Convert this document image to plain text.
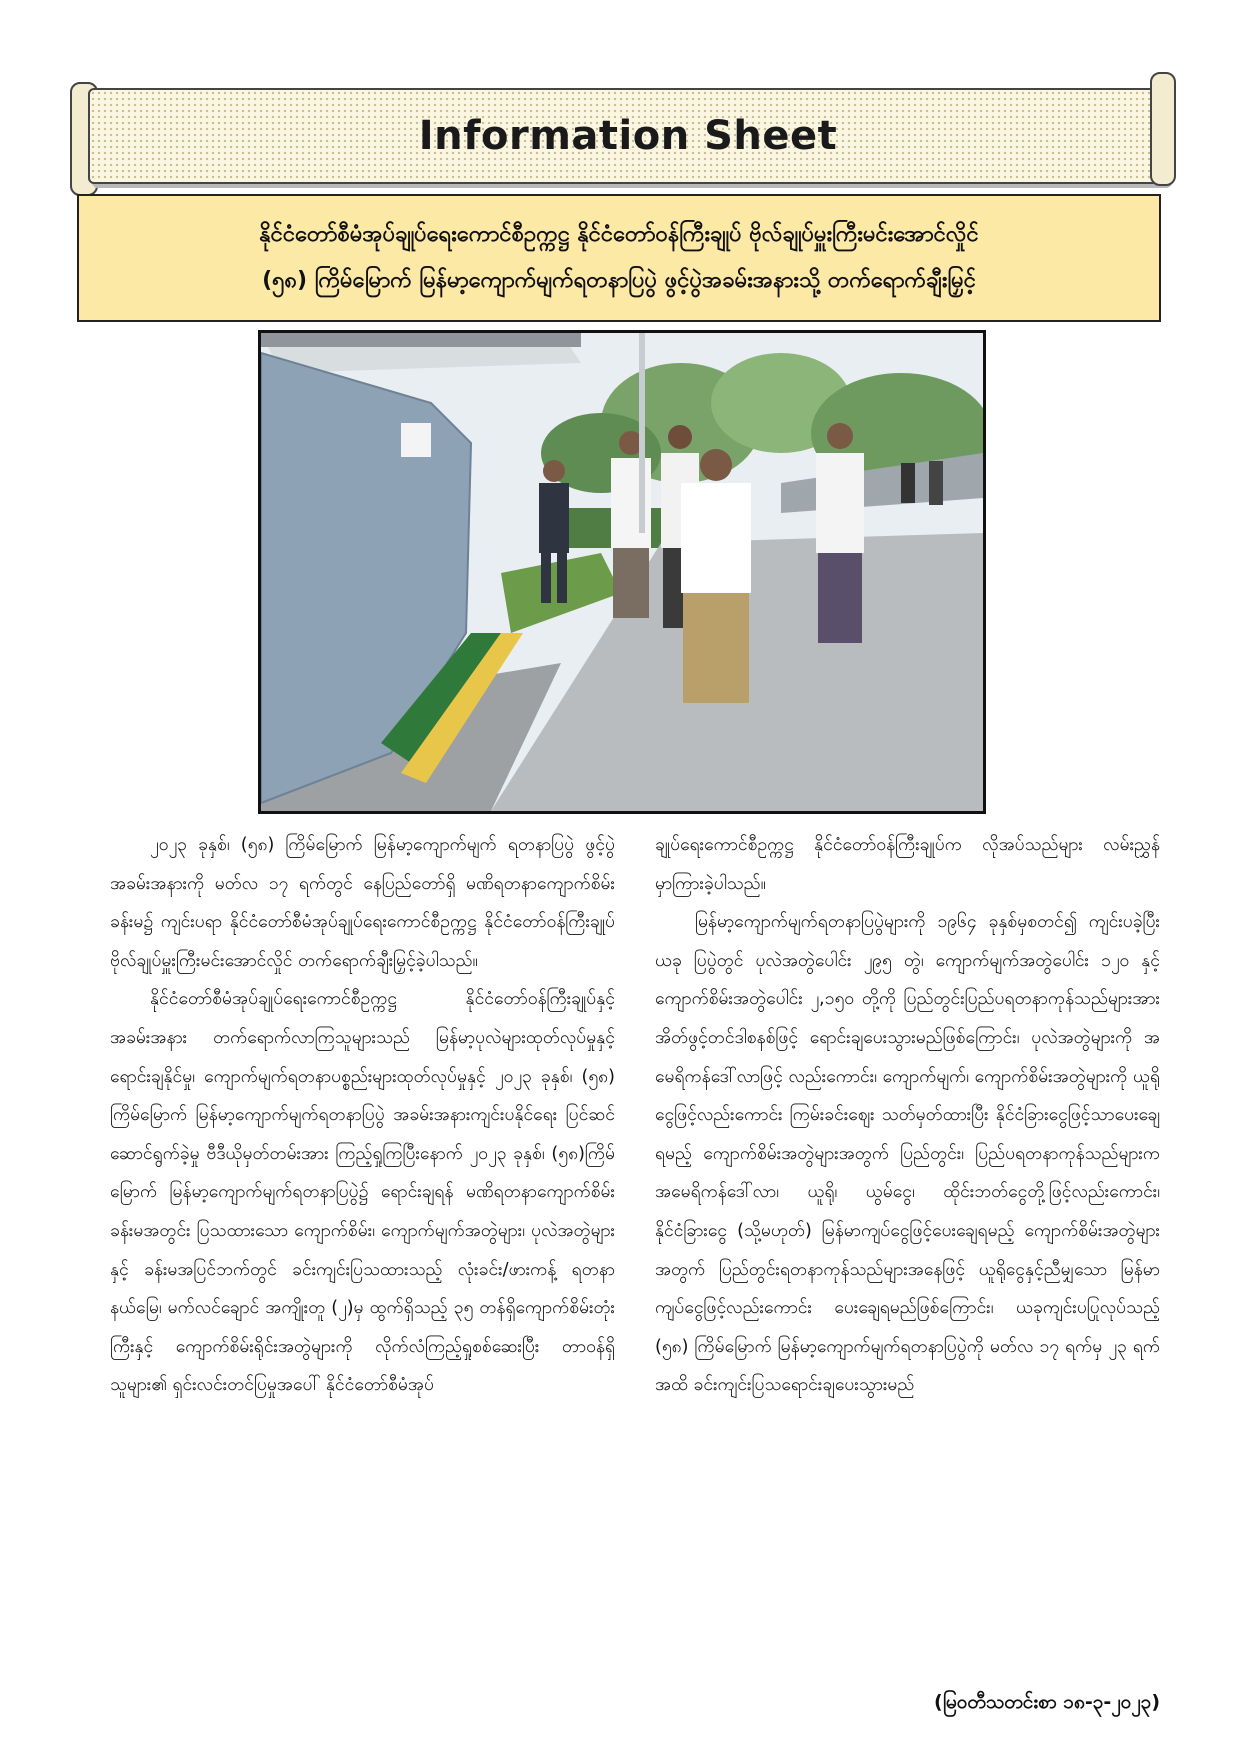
Information Sheet
နိုင်ငံတော်စီမံအုပ်ချုပ်ရေးကောင်စီဥက္ကဋ္ဌ နိုင်ငံတော်ဝန်ကြီးချုပ် ဗိုလ်ချုပ်မှူးကြီးမင်းအောင်လှိုင်
(၅၈) ကြိမ်မြောက် မြန်မာ့ကျောက်မျက်ရတနာပြပွဲ ဖွင့်ပွဲအခမ်းအနားသို့ တက်ရောက်ချီးမြှင့်

၂၀၂၃ ခုနှစ်၊ (၅၈) ကြိမ်မြောက် မြန်မာ့ကျောက်မျက် ရတနာပြပွဲ ဖွင့်ပွဲအခမ်းအနားကို မတ်လ ၁၇ ရက်တွင် နေပြည်တော်ရှိ မဏိရတနာကျောက်စိမ်းခန်းမ၌ ကျင်းပရာ နိုင်ငံတော်စီမံအုပ်ချုပ်ရေးကောင်စီဥက္ကဋ္ဌ နိုင်ငံတော်ဝန်ကြီးချုပ် ဗိုလ်ချုပ်မှူးကြီးမင်းအောင်လှိုင် တက်ရောက်ချီးမြှင့်ခဲ့ပါသည်။

နိုင်ငံတော်စီမံအုပ်ချုပ်ရေးကောင်စီဥက္ကဋ္ဌ နိုင်ငံတော်ဝန်ကြီးချုပ်နှင့် အခမ်းအနား တက်ရောက်လာကြသူများသည် မြန်မာ့ပုလဲများထုတ်လုပ်မှုနှင့် ရောင်းချနိုင်မှု၊ ကျောက်မျက်ရတနာပစ္စည်းများထုတ်လုပ်မှုနှင့် ၂၀၂၃ ခုနှစ်၊ (၅၈) ကြိမ်မြောက် မြန်မာ့ကျောက်မျက်ရတနာပြပွဲ အခမ်းအနားကျင်းပနိုင်ရေး ပြင်ဆင်ဆောင်ရွက်ခဲ့မှု ဗီဒီယိုမှတ်တမ်းအား ကြည့်ရှုကြပြီးနောက် ၂၀၂၃ ခုနှစ်၊ (၅၈)ကြိမ်မြောက် မြန်မာ့ကျောက်မျက်ရတနာပြပွဲ၌ ရောင်းချရန် မဏိရတနာကျောက်စိမ်းခန်းမအတွင်း ပြသထားသော ကျောက်စိမ်း၊ ကျောက်မျက်အတွဲများ၊ ပုလဲအတွဲများနှင့် ခန်းမအပြင်ဘက်တွင် ခင်းကျင်းပြသထားသည့် လုံးခင်း/ဖားကန့် ရတနာနယ်မြေ၊ မက်လင်ချောင် အကျိုးတူ (၂)မှ ထွက်ရှိသည့် ၃၅ တန်ရှိကျောက်စိမ်းတုံးကြီးနှင့် ကျောက်စိမ်းရိုင်းအတွဲများကို လိုက်လံကြည့်ရှုစစ်ဆေးပြီး တာဝန်ရှိသူများ၏ ရှင်းလင်းတင်ပြမှုအပေါ် နိုင်ငံတော်စီမံအုပ်

ချုပ်ရေးကောင်စီဥက္ကဋ္ဌ နိုင်ငံတော်ဝန်ကြီးချုပ်က လိုအပ်သည်များ လမ်းညွှန်မှာကြားခဲ့ပါသည်။

မြန်မာ့ကျောက်မျက်ရတနာပြပွဲများကို ၁၉၆၄ ခုနှစ်မှစတင်၍ ကျင်းပခဲ့ပြီး ယခု ပြပွဲတွင် ပုလဲအတွဲပေါင်း ၂၉၅ တွဲ၊ ကျောက်မျက်အတွဲပေါင်း ၁၂၀ နှင့် ကျောက်စိမ်းအတွဲပေါင်း ၂,၁၅၀ တို့ကို ပြည်တွင်းပြည်ပရတနာကုန်သည်များအား အိတ်ဖွင့်တင်ဒါစနစ်ဖြင့် ရောင်းချပေးသွားမည်ဖြစ်ကြောင်း၊ ပုလဲအတွဲများကို အမေရိကန်ဒေါ်လာဖြင့် လည်းကောင်း၊ ကျောက်မျက်၊ ကျောက်စိမ်းအတွဲများကို ယူရိုငွေဖြင့်လည်းကောင်း ကြမ်းခင်းဈေး သတ်မှတ်ထားပြီး နိုင်ငံခြားငွေဖြင့်သာပေးချေရမည့် ကျောက်စိမ်းအတွဲများအတွက် ပြည်တွင်း၊ ပြည်ပရတနာကုန်သည်များက အမေရိကန်ဒေါ်လာ၊ ယူရို၊ ယွမ်ငွေ၊ ထိုင်းဘတ်ငွေတို့ဖြင့်လည်းကောင်း၊ နိုင်ငံခြားငွေ (သို့မဟုတ်) မြန်မာကျပ်ငွေဖြင့်ပေးချေရမည့် ကျောက်စိမ်းအတွဲများအတွက် ပြည်တွင်းရတနာကုန်သည်များအနေဖြင့် ယူရိုငွေနှင့်ညီမျှသော မြန်မာကျပ်ငွေဖြင့်လည်းကောင်း ပေးချေရမည်ဖြစ်ကြောင်း၊ ယခုကျင်းပပြုလုပ်သည့် (၅၈) ကြိမ်မြောက် မြန်မာ့ကျောက်မျက်ရတနာပြပွဲကို မတ်လ ၁၇ ရက်မှ ၂၃ ရက်အထိ ခင်းကျင်းပြသရောင်းချပေးသွားမည်

(မြဝတီသတင်းစာ ၁၈-၃-၂၀၂၃)
